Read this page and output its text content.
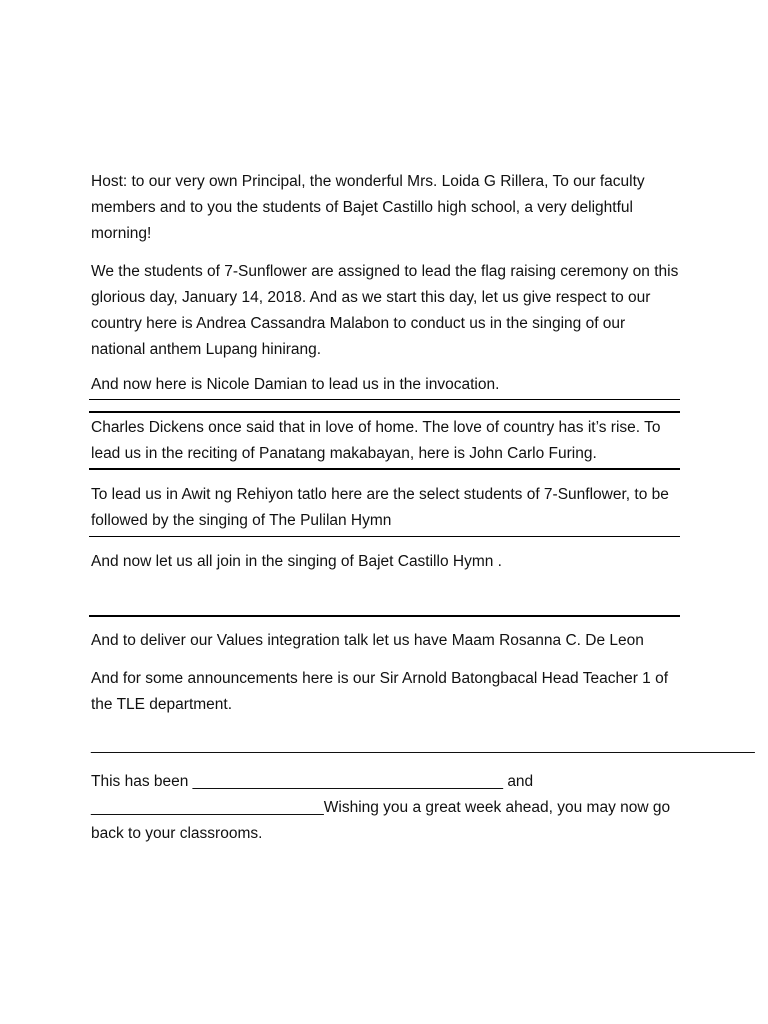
Host: to our very own Principal, the wonderful Mrs. Loida G Rillera, To our faculty members and to you the students of Bajet Castillo high school, a very delightful morning!

We the students of 7-Sunflower are assigned to lead the flag raising ceremony on this glorious day, January 14, 2018. And as we start this day, let us give respect to our country here is Andrea Cassandra Malabon to conduct us in the singing of our national anthem Lupang hinirang.

And now here is Nicole Damian to lead us in the invocation.

Charles Dickens once said that in love of home. The love of country has it’s rise. To lead us in the reciting of Panatang makabayan, here is John Carlo Furing.

To lead us in Awit ng Rehiyon tatlo here are the select students of 7-Sunflower, to be followed by the singing of The Pulilan Hymn

And now let us all join in the singing of Bajet Castillo Hymn .

And to deliver our Values integration talk let us have Maam Rosanna C. De Leon

And for some announcements here is our Sir Arnold Batongbacal Head Teacher 1 of the TLE department.

_____________________________________________________________________________

This has been ____________________________________ and ___________________________Wishing you a great week ahead, you may now go back to your classrooms.
